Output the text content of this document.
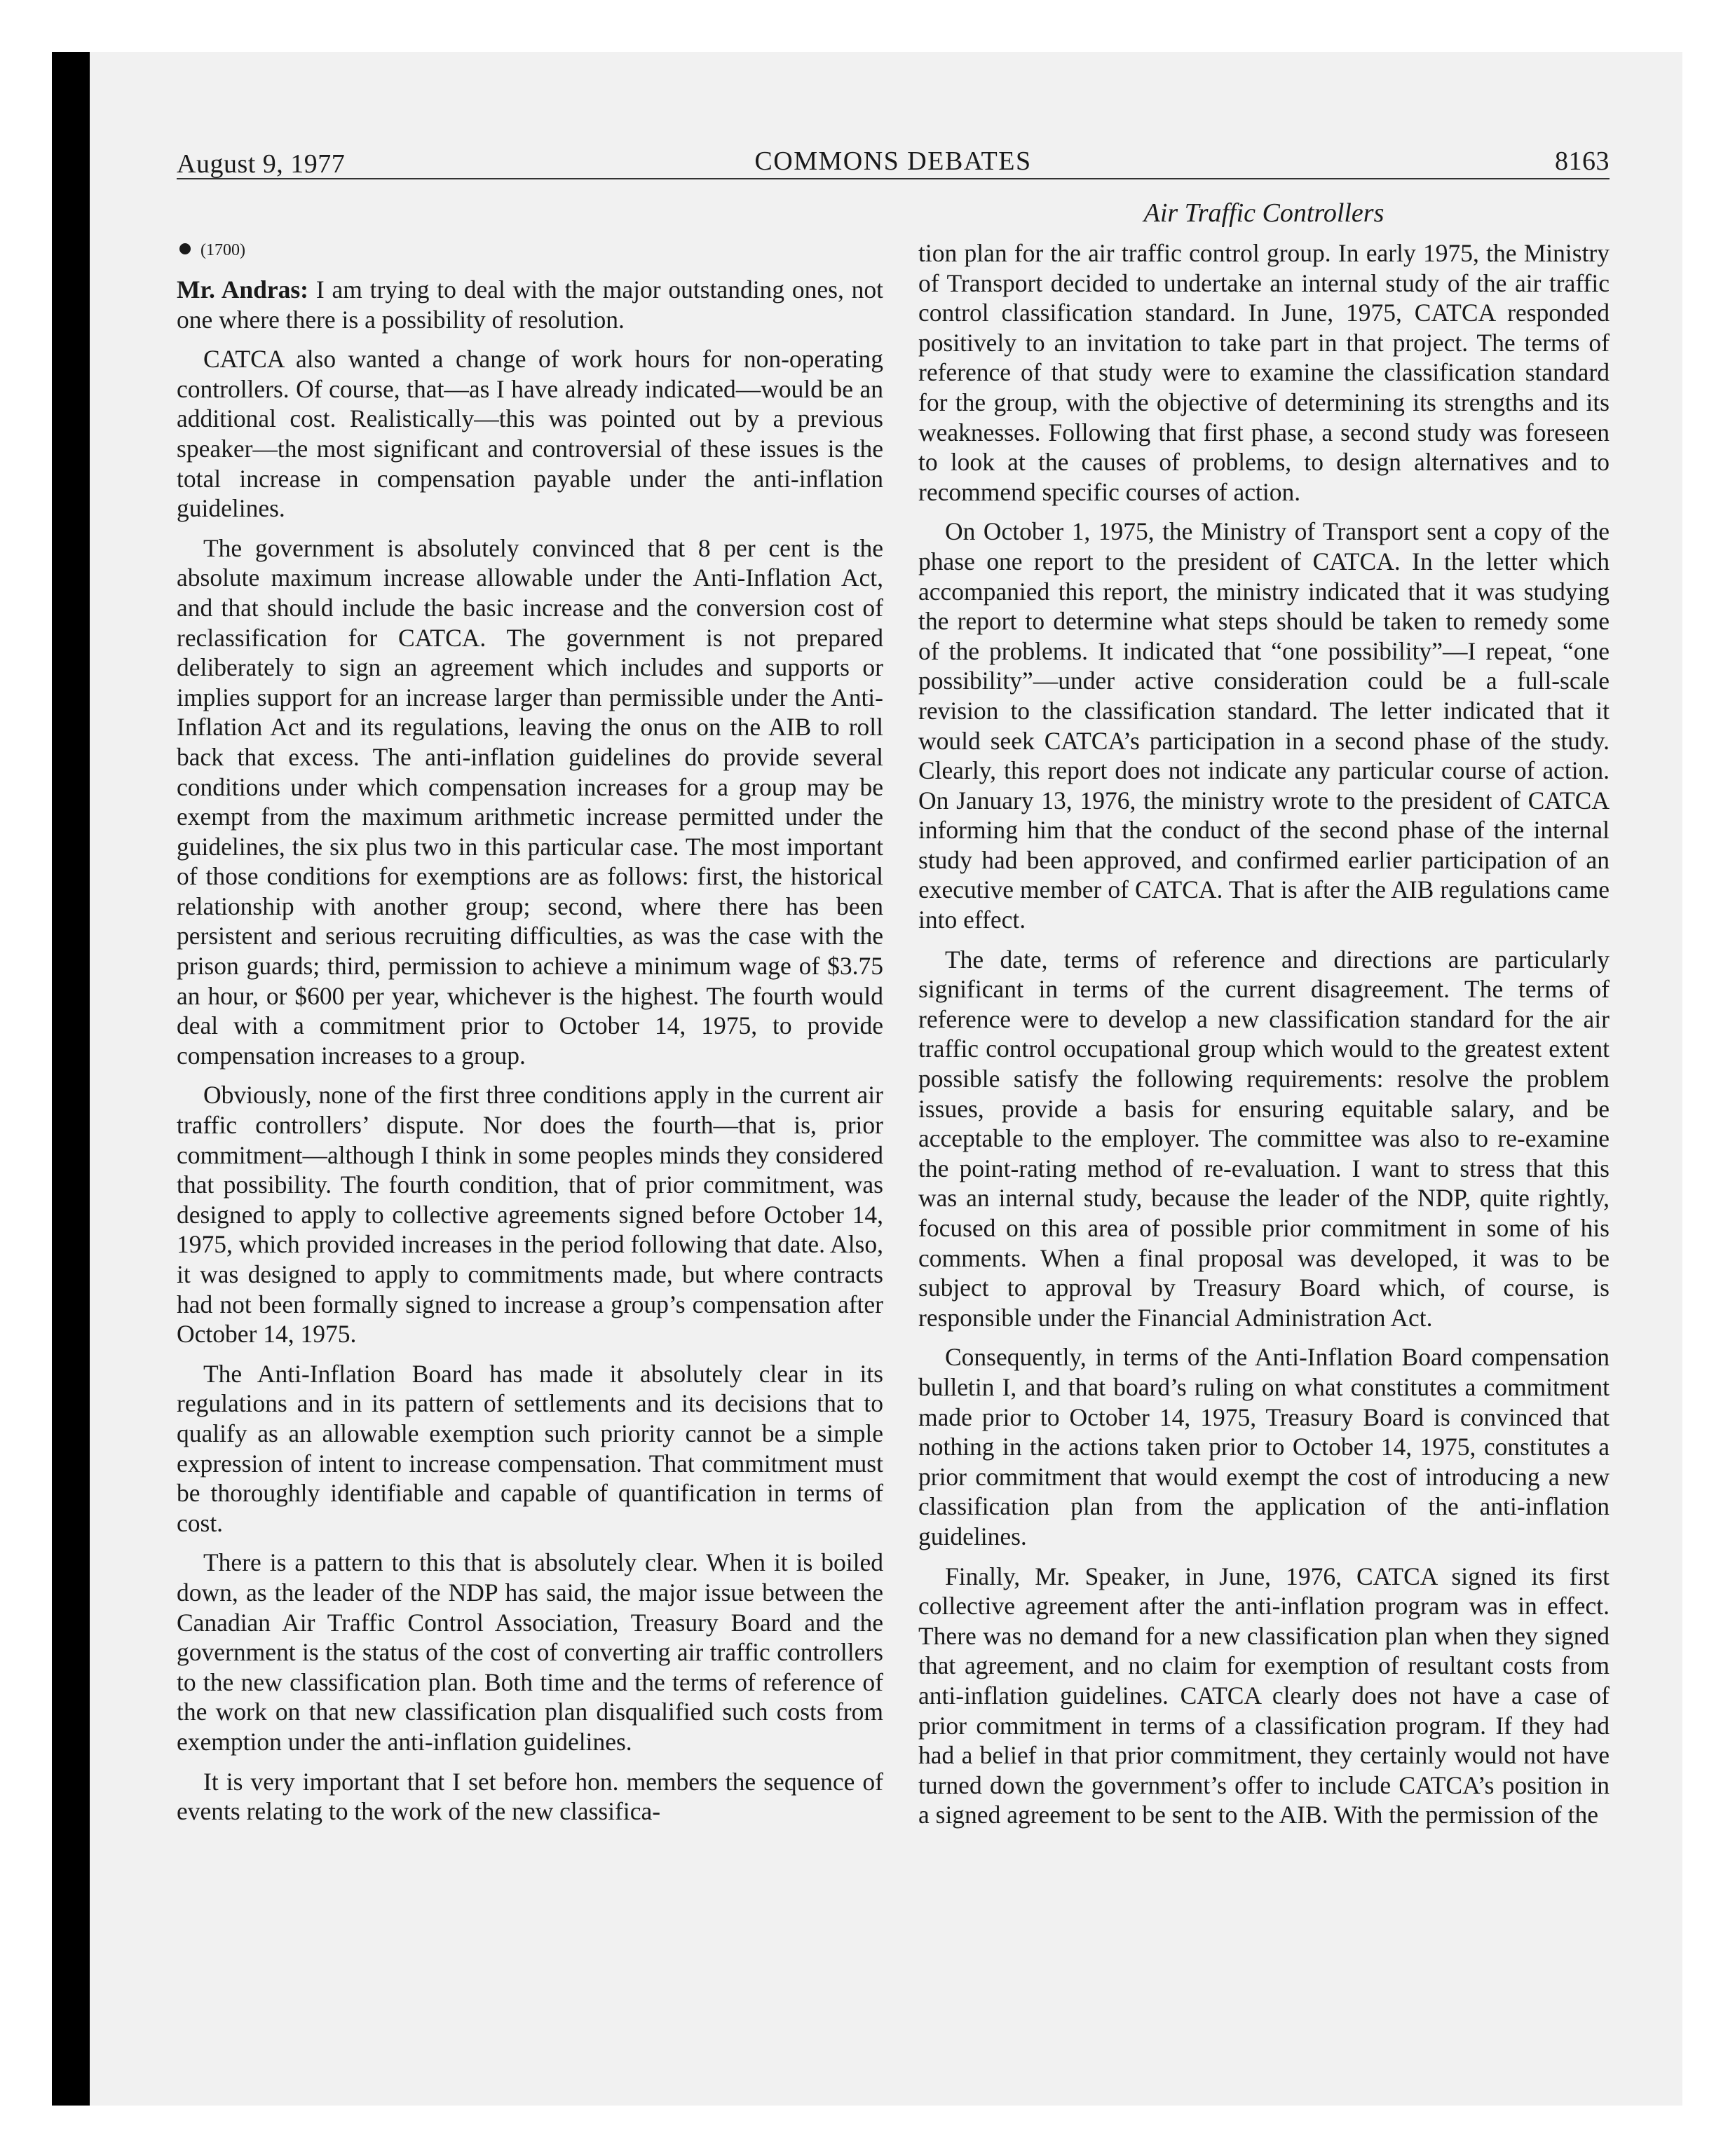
August 9, 1977	COMMONS DEBATES	8163
Air Traffic Controllers

(1700)

Mr. Andras: I am trying to deal with the major outstanding ones, not one where there is a possibility of resolution.

CATCA also wanted a change of work hours for non-operating controllers. Of course, that—as I have already indicated—would be an additional cost. Realistically—this was pointed out by a previous speaker—the most significant and controversial of these issues is the total increase in compensation payable under the anti-inflation guidelines.

The government is absolutely convinced that 8 per cent is the absolute maximum increase allowable under the Anti-Inflation Act, and that should include the basic increase and the conversion cost of reclassification for CATCA. The government is not prepared deliberately to sign an agreement which includes and supports or implies support for an increase larger than permissible under the Anti-Inflation Act and its regulations, leaving the onus on the AIB to roll back that excess. The anti-inflation guidelines do provide several conditions under which compensation increases for a group may be exempt from the maximum arithmetic increase permitted under the guidelines, the six plus two in this particular case. The most important of those conditions for exemptions are as follows: first, the historical relationship with another group; second, where there has been persistent and serious recruiting difficulties, as was the case with the prison guards; third, permission to achieve a minimum wage of $3.75 an hour, or $600 per year, whichever is the highest. The fourth would deal with a commitment prior to October 14, 1975, to provide compensation increases to a group.

Obviously, none of the first three conditions apply in the current air traffic controllers’ dispute. Nor does the fourth—that is, prior commitment—although I think in some peoples minds they considered that possibility. The fourth condition, that of prior commitment, was designed to apply to collective agreements signed before October 14, 1975, which provided increases in the period following that date. Also, it was designed to apply to commitments made, but where contracts had not been formally signed to increase a group’s compensation after October 14, 1975.

The Anti-Inflation Board has made it absolutely clear in its regulations and in its pattern of settlements and its decisions that to qualify as an allowable exemption such priority cannot be a simple expression of intent to increase compensation. That commitment must be thoroughly identifiable and capable of quantification in terms of cost.

There is a pattern to this that is absolutely clear. When it is boiled down, as the leader of the NDP has said, the major issue between the Canadian Air Traffic Control Association, Treasury Board and the government is the status of the cost of converting air traffic controllers to the new classification plan. Both time and the terms of reference of the work on that new classification plan disqualified such costs from exemption under the anti-inflation guidelines.

It is very important that I set before hon. members the sequence of events relating to the work of the new classifica-

tion plan for the air traffic control group. In early 1975, the Ministry of Transport decided to undertake an internal study of the air traffic control classification standard. In June, 1975, CATCA responded positively to an invitation to take part in that project. The terms of reference of that study were to examine the classification standard for the group, with the objective of determining its strengths and its weaknesses. Following that first phase, a second study was foreseen to look at the causes of problems, to design alternatives and to recommend specific courses of action.

On October 1, 1975, the Ministry of Transport sent a copy of the phase one report to the president of CATCA. In the letter which accompanied this report, the ministry indicated that it was studying the report to determine what steps should be taken to remedy some of the problems. It indicated that “one possibility”—I repeat, “one possibility”—under active consideration could be a full-scale revision to the classification standard. The letter indicated that it would seek CATCA’s participation in a second phase of the study. Clearly, this report does not indicate any particular course of action. On January 13, 1976, the ministry wrote to the president of CATCA informing him that the conduct of the second phase of the internal study had been approved, and confirmed earlier participation of an executive member of CATCA. That is after the AIB regulations came into effect.

The date, terms of reference and directions are particularly significant in terms of the current disagreement. The terms of reference were to develop a new classification standard for the air traffic control occupational group which would to the greatest extent possible satisfy the following requirements: resolve the problem issues, provide a basis for ensuring equitable salary, and be acceptable to the employer. The committee was also to re-examine the point-rating method of re-evaluation. I want to stress that this was an internal study, because the leader of the NDP, quite rightly, focused on this area of possible prior commitment in some of his comments. When a final proposal was developed, it was to be subject to approval by Treasury Board which, of course, is responsible under the Financial Administration Act.

Consequently, in terms of the Anti-Inflation Board compensation bulletin I, and that board’s ruling on what constitutes a commitment made prior to October 14, 1975, Treasury Board is convinced that nothing in the actions taken prior to October 14, 1975, constitutes a prior commitment that would exempt the cost of introducing a new classification plan from the application of the anti-inflation guidelines.

Finally, Mr. Speaker, in June, 1976, CATCA signed its first collective agreement after the anti-inflation program was in effect. There was no demand for a new classification plan when they signed that agreement, and no claim for exemption of resultant costs from anti-inflation guidelines. CATCA clearly does not have a case of prior commitment in terms of a classification program. If they had had a belief in that prior commitment, they certainly would not have turned down the government’s offer to include CATCA’s position in a signed agreement to be sent to the AIB. With the permission of the
